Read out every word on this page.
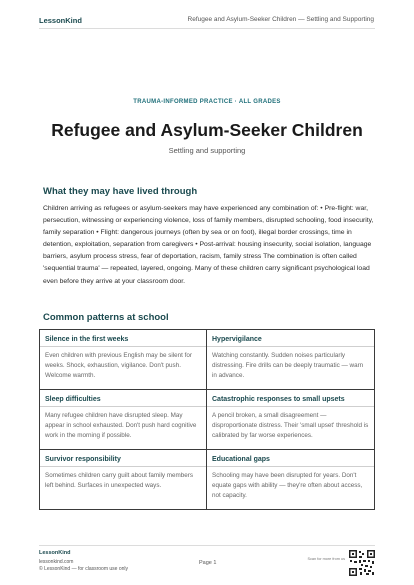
LessonKind	Refugee and Asylum-Seeker Children — Settling and Supporting
TRAUMA-INFORMED PRACTICE · ALL GRADES
Refugee and Asylum-Seeker Children
Settling and supporting
What they may have lived through
Children arriving as refugees or asylum-seekers may have experienced any combination of: • Pre-flight: war, persecution, witnessing or experiencing violence, loss of family members, disrupted schooling, food insecurity, family separation • Flight: dangerous journeys (often by sea or on foot), illegal border crossings, time in detention, exploitation, separation from caregivers • Post-arrival: housing insecurity, social isolation, language barriers, asylum process stress, fear of deportation, racism, family stress The combination is often called 'sequential trauma' — repeated, layered, ongoing. Many of these children carry significant psychological load even before they arrive at your classroom door.
Common patterns at school
Silence in the first weeks
Even children with previous English may be silent for weeks. Shock, exhaustion, vigilance. Don't push. Welcome warmth.
Hypervigilance
Watching constantly. Sudden noises particularly distressing. Fire drills can be deeply traumatic — warn in advance.
Sleep difficulties
Many refugee children have disrupted sleep. May appear in school exhausted. Don't push hard cognitive work in the morning if possible.
Catastrophic responses to small upsets
A pencil broken, a small disagreement — disproportionate distress. Their 'small upset' threshold is calibrated by far worse experiences.
Survivor responsibility
Sometimes children carry guilt about family members left behind. Surfaces in unexpected ways.
Educational gaps
Schooling may have been disrupted for years. Don't equate gaps with ability — they're often about access, not capacity.
LessonKind
lessonkind.com
© LessonKind — for classroom use only
Page 1
Scan for more from us
